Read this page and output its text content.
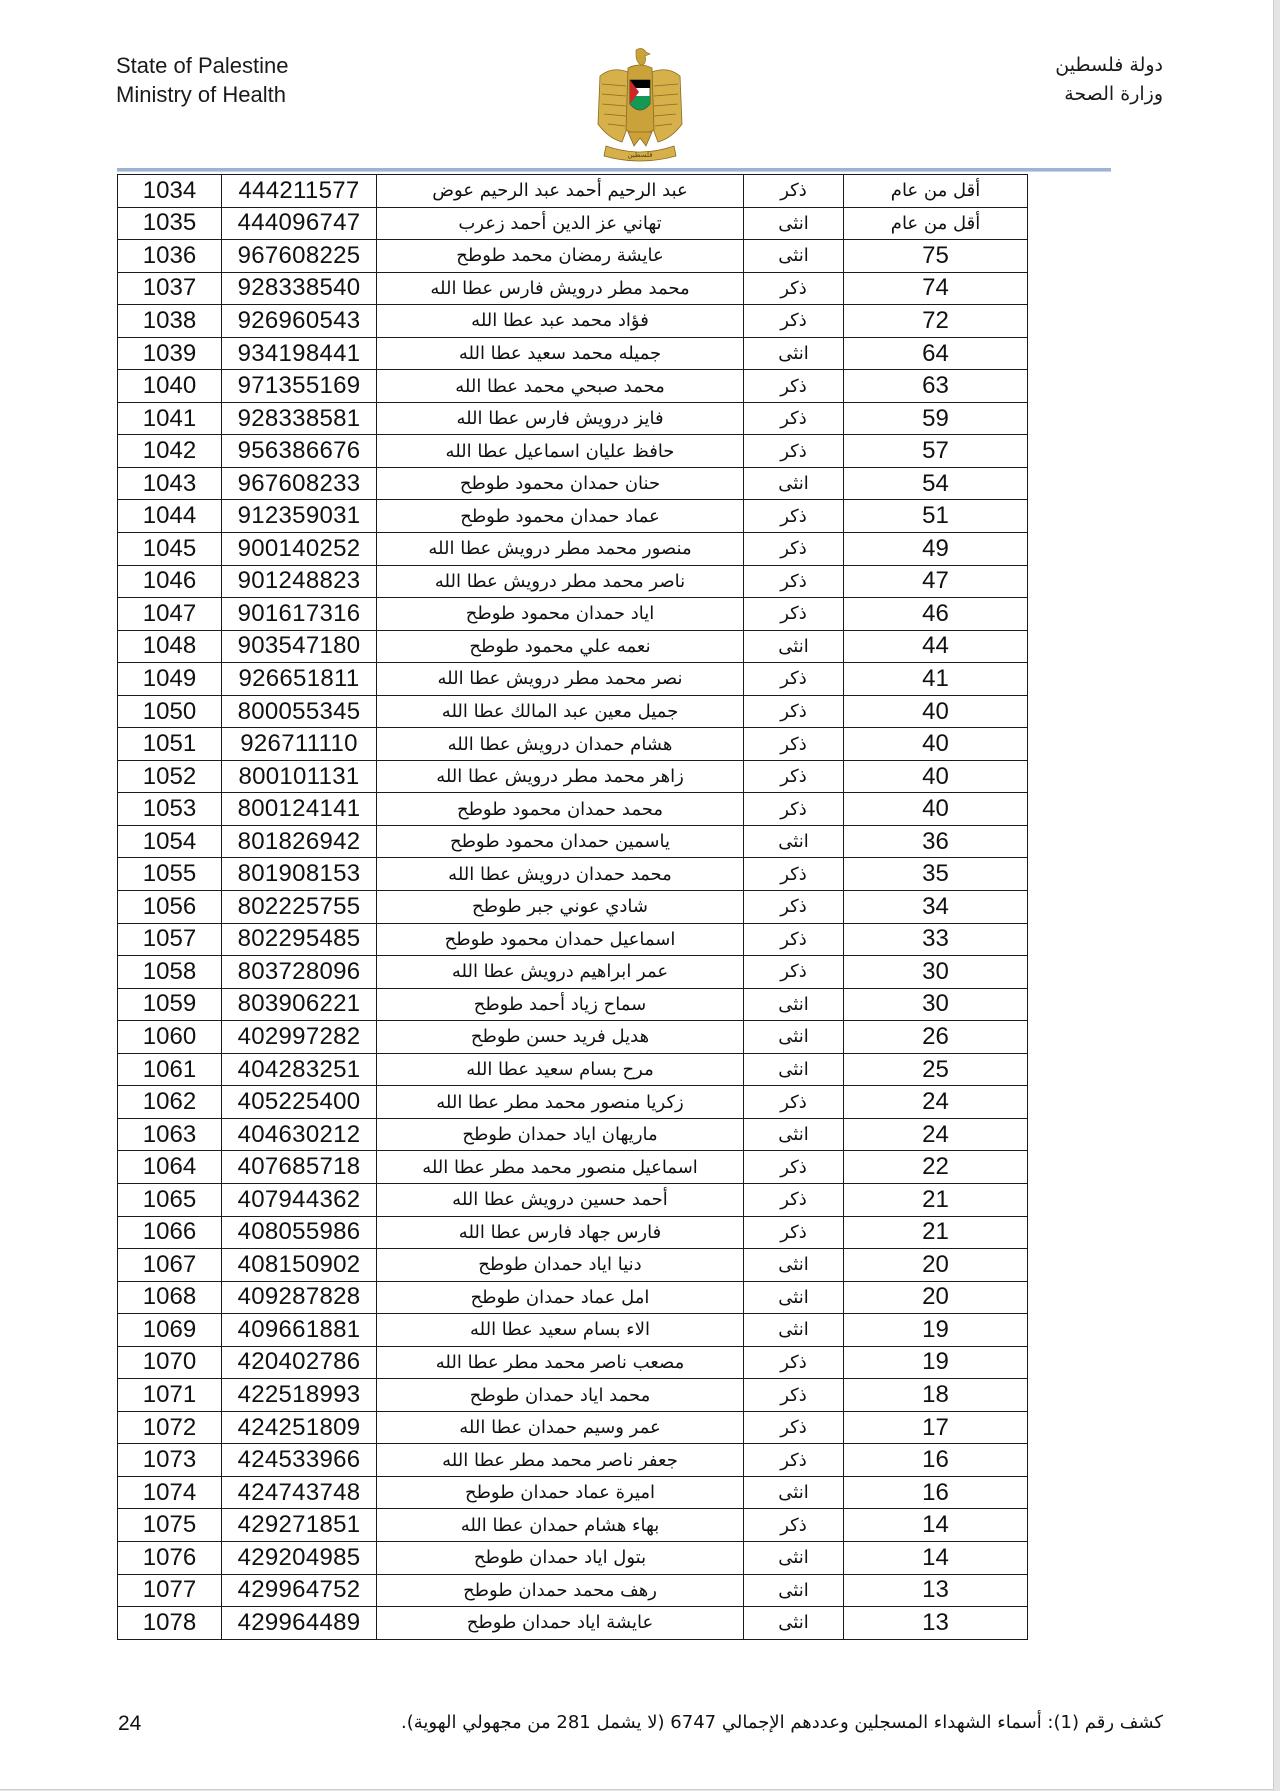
State of Palestine
Ministry of Health
فلسطين
دولة فلسطين
وزارة الصحة
1034	444211577	عبد الرحيم أحمد عبد الرحيم عوض	ذكر	أقل من عام
1035	444096747	تهاني عز الدين أحمد زعرب	انثى	أقل من عام
1036	967608225	عايشة رمضان محمد طوطح	انثى	75
1037	928338540	محمد مطر درويش فارس عطا الله	ذكر	74
1038	926960543	فؤاد محمد عبد عطا الله	ذكر	72
1039	934198441	جميله محمد سعيد عطا الله	انثى	64
1040	971355169	محمد صبحي محمد عطا الله	ذكر	63
1041	928338581	فايز درويش فارس عطا الله	ذكر	59
1042	956386676	حافظ عليان اسماعيل عطا الله	ذكر	57
1043	967608233	حنان حمدان محمود طوطح	انثى	54
1044	912359031	عماد حمدان محمود طوطح	ذكر	51
1045	900140252	منصور محمد مطر درويش عطا الله	ذكر	49
1046	901248823	ناصر محمد مطر درويش عطا الله	ذكر	47
1047	901617316	اياد حمدان محمود طوطح	ذكر	46
1048	903547180	نعمه علي محمود طوطح	انثى	44
1049	926651811	نصر محمد مطر درويش عطا الله	ذكر	41
1050	800055345	جميل معين عبد المالك عطا الله	ذكر	40
1051	926711110	هشام حمدان درويش عطا الله	ذكر	40
1052	800101131	زاهر محمد مطر درويش عطا الله	ذكر	40
1053	800124141	محمد حمدان محمود طوطح	ذكر	40
1054	801826942	ياسمين حمدان محمود طوطح	انثى	36
1055	801908153	محمد حمدان درويش عطا الله	ذكر	35
1056	802225755	شادي عوني جبر طوطح	ذكر	34
1057	802295485	اسماعيل حمدان محمود طوطح	ذكر	33
1058	803728096	عمر ابراهيم درويش عطا الله	ذكر	30
1059	803906221	سماح زياد أحمد طوطح	انثى	30
1060	402997282	هديل فريد حسن طوطح	انثى	26
1061	404283251	مرح بسام سعيد عطا الله	انثى	25
1062	405225400	زكريا منصور محمد مطر عطا الله	ذكر	24
1063	404630212	ماريهان اياد حمدان طوطح	انثى	24
1064	407685718	اسماعيل منصور محمد مطر عطا الله	ذكر	22
1065	407944362	أحمد حسين درويش عطا الله	ذكر	21
1066	408055986	فارس جهاد فارس عطا الله	ذكر	21
1067	408150902	دنيا اياد حمدان طوطح	انثى	20
1068	409287828	امل عماد حمدان طوطح	انثى	20
1069	409661881	الاء بسام سعيد عطا الله	انثى	19
1070	420402786	مصعب ناصر محمد مطر عطا الله	ذكر	19
1071	422518993	محمد اياد حمدان طوطح	ذكر	18
1072	424251809	عمر وسيم حمدان عطا الله	ذكر	17
1073	424533966	جعفر ناصر محمد مطر عطا الله	ذكر	16
1074	424743748	اميرة عماد حمدان طوطح	انثى	16
1075	429271851	بهاء هشام حمدان عطا الله	ذكر	14
1076	429204985	بتول اياد حمدان طوطح	انثى	14
1077	429964752	رهف محمد حمدان طوطح	انثى	13
1078	429964489	عايشة اياد حمدان طوطح	انثى	13
24	كشف رقم (1): أسماء الشهداء المسجلين وعددهم الإجمالي 6747 (لا يشمل 281 من مجهولي الهوية).
